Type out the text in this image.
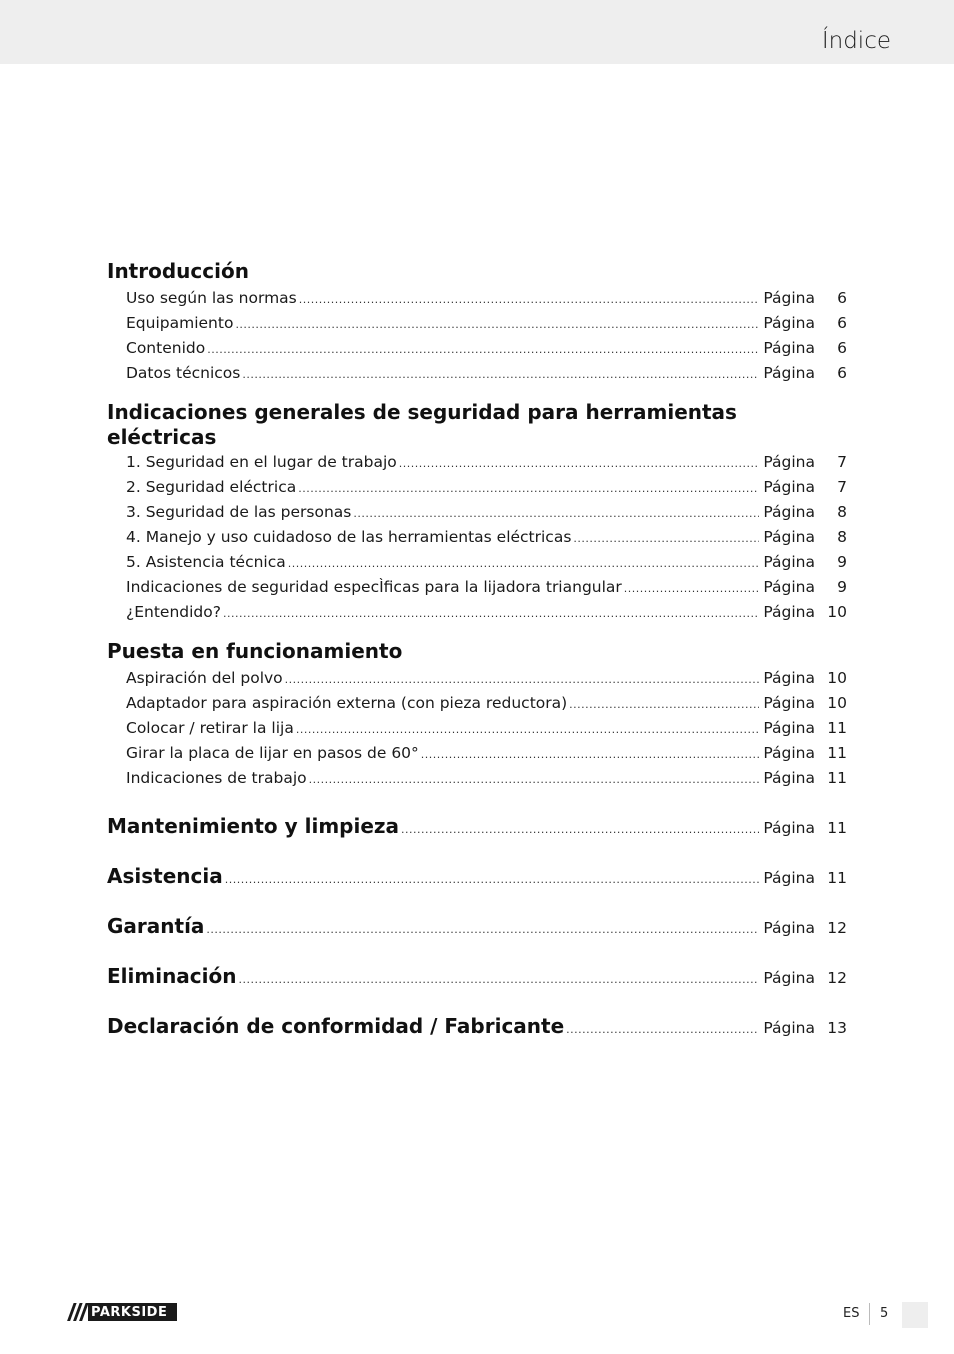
Índice
Introducción
Uso según las normas .....	Página	6
Equipamiento .....	Página	6
Contenido .....	Página	6
Datos técnicos .....	Página	6
Indicaciones generales de seguridad para herramientas
eléctricas
1. Seguridad en el lugar de trabajo .....	Página	7
2. Seguridad eléctrica .....	Página	7
3. Seguridad de las personas .....	Página	8
4. Manejo y uso cuidadoso de las herramientas eléctricas .....	Página	8
5. Asistencia técnica .....	Página	9
Indicaciones de seguridad especÌficas para la lijadora triangular .....	Página	9
¿Entendido? .....	Página 10
Puesta en funcionamiento
Aspiración del polvo .....	Página 10
Adaptador para aspiración externa (con pieza reductora) .....	Página 10
Colocar / retirar la lija .....	Página 11
Girar la placa de lijar en pasos de 60° .....	Página 11
Indicaciones de trabajo .....	Página 11
Mantenimiento y limpieza .....	Página 11
Asistencia .....	Página 11
Garantía .....	Página 12
Eliminación .....	Página 12
Declaración de conformidad / Fabricante .....	Página 13
PARKSIDE	ES 5
